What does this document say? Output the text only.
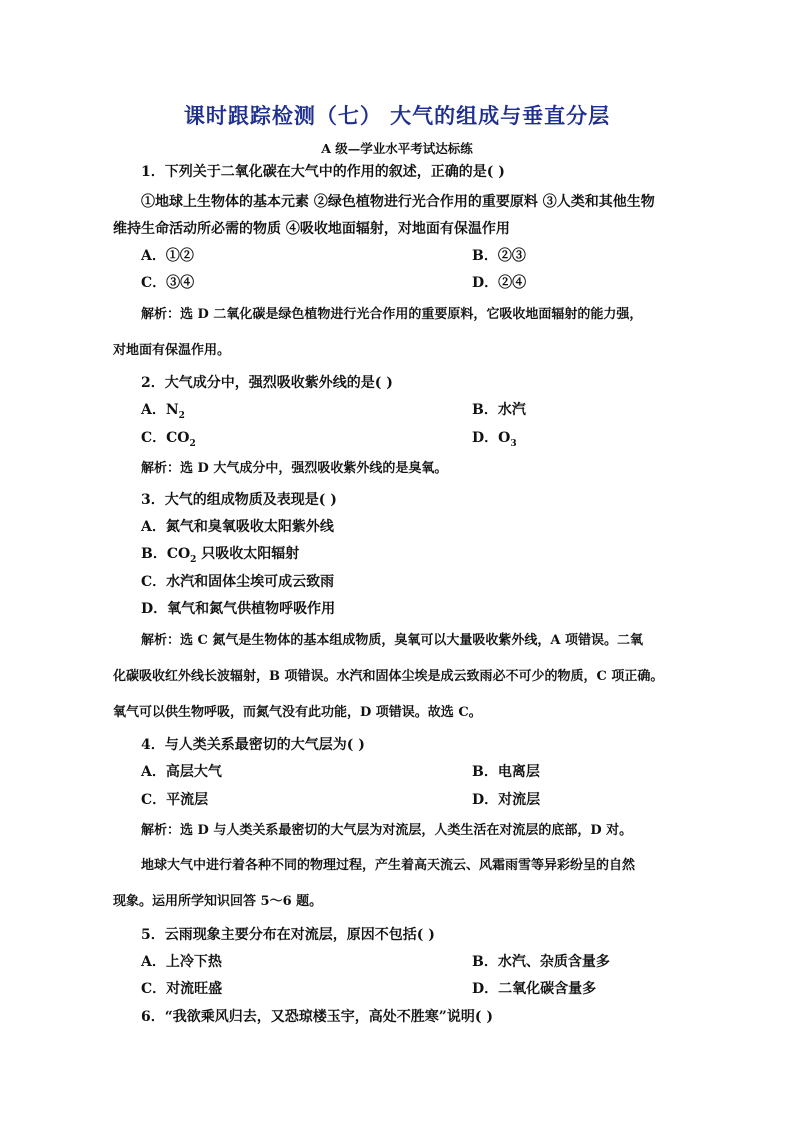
课时跟踪检测（七） 大气的组成与垂直分层
A 级—学业水平考试达标练
1．下列关于二氧化碳在大气中的作用的叙述，正确的是( )
①地球上生物体的基本元素 ②绿色植物进行光合作用的重要原料 ③人类和其他生物
维持生命活动所必需的物质 ④吸收地面辐射，对地面有保温作用
A．①②	B．②③
C．③④	D．②④
解析：选 D 二氧化碳是绿色植物进行光合作用的重要原料，它吸收地面辐射的能力强，
对地面有保温作用。
2．大气成分中，强烈吸收紫外线的是( )
A．$N_2$	B．水汽
C．$CO_2$	D．$O_3$
解析：选 D 大气成分中，强烈吸收紫外线的是臭氧。
3．大气的组成物质及表现是( )
A．氮气和臭氧吸收太阳紫外线
B．$CO_2$ 只吸收太阳辐射
C．水汽和固体尘埃可成云致雨
D．氧气和氮气供植物呼吸作用
解析：选 C 氮气是生物体的基本组成物质，臭氧可以大量吸收紫外线，A 项错误。二氧
化碳吸收红外线长波辐射，B 项错误。水汽和固体尘埃是成云致雨必不可少的物质，C 项正确。
氧气可以供生物呼吸，而氮气没有此功能，D 项错误。故选 C。
4．与人类关系最密切的大气层为( )
A．高层大气	B．电离层
C．平流层	D．对流层
解析：选 D 与人类关系最密切的大气层为对流层，人类生活在对流层的底部，D 对。
地球大气中进行着各种不同的物理过程，产生着高天流云、风霜雨雪等异彩纷呈的自然
现象。运用所学知识回答 5～6 题。
5．云雨现象主要分布在对流层，原因不包括( )
A．上冷下热	B．水汽、杂质含量多
C．对流旺盛	D．二氧化碳含量多
6．“我欲乘风归去，又恐琼楼玉宇，高处不胜寒”说明( )
